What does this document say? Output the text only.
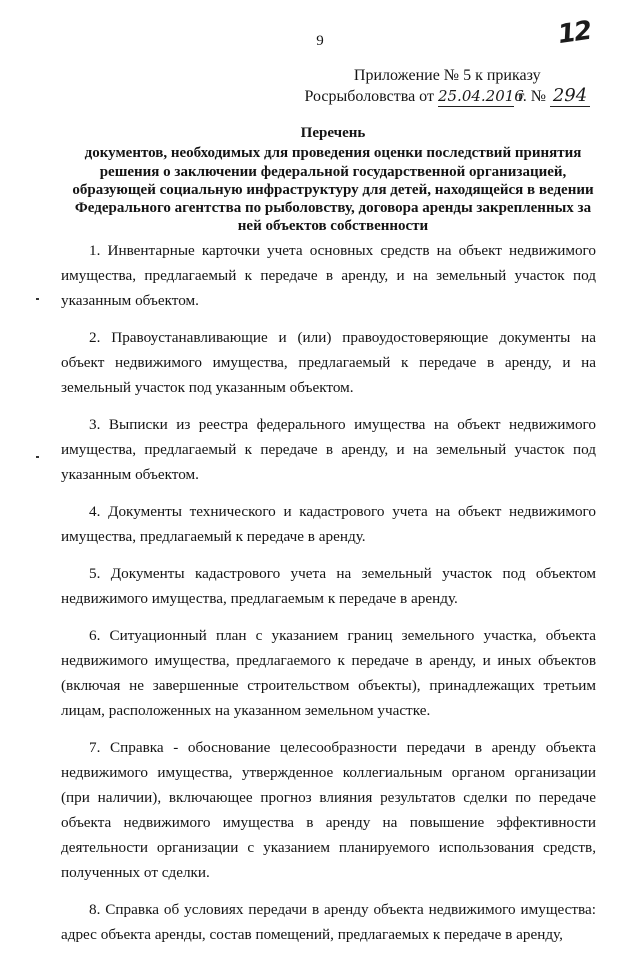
9	12
Приложение № 5 к приказу
Росрыболовства от 25.04.2016 г. № 294
Перечень
документов, необходимых для проведения оценки последствий принятия
решения о заключении федеральной государственной организацией,
образующей социальную инфраструктуру для детей, находящейся в ведении
Федерального агентства по рыболовству, договора аренды закрепленных за
ней объектов собственности

1. Инвентарные карточки учета основных средств на объект недвижимого имущества, предлагаемый к передаче в аренду, и на земельный участок под указанным объектом.

2. Правоустанавливающие и (или) правоудостоверяющие документы на объект недвижимого имущества, предлагаемый к передаче в аренду, и на земельный участок под указанным объектом.

3. Выписки из реестра федерального имущества на объект недвижимого имущества, предлагаемый к передаче в аренду, и на земельный участок под указанным объектом.

4. Документы технического и кадастрового учета на объект недвижимого имущества, предлагаемый к передаче в аренду.

5. Документы кадастрового учета на земельный участок под объектом недвижимого имущества, предлагаемым к передаче в аренду.

6. Ситуационный план с указанием границ земельного участка, объекта недвижимого имущества, предлагаемого к передаче в аренду, и иных объектов (включая не завершенные строительством объекты), принадлежащих третьим лицам, расположенных на указанном земельном участке.

7. Справка - обоснование целесообразности передачи в аренду объекта недвижимого имущества, утвержденное коллегиальным органом организации (при наличии), включающее прогноз влияния результатов сделки по передаче объекта недвижимого имущества в аренду на повышение эффективности деятельности организации с указанием планируемого использования средств, полученных от сделки.

8. Справка об условиях передачи в аренду объекта недвижимого имущества: адрес объекта аренды, состав помещений, предлагаемых к передаче в аренду,
